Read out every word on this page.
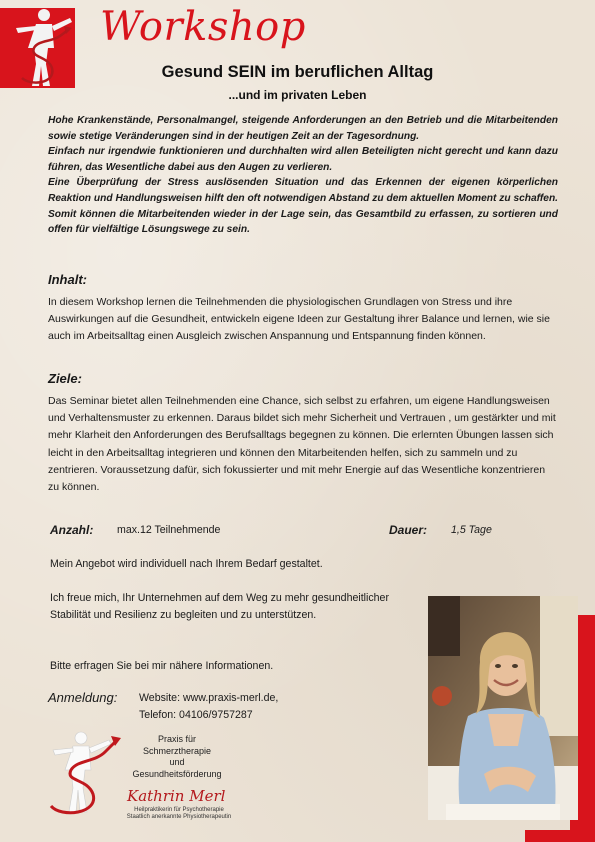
Workshop
Gesund SEIN im beruflichen Alltag
...und im privaten Leben

Hohe Krankenstände, Personalmangel, steigende Anforderungen an den Betrieb und die Mitarbeitenden sowie stetige Veränderungen sind in der heutigen Zeit an der Tagesordnung.

Einfach nur irgendwie funktionieren und durchhalten wird allen Beteiligten nicht gerecht und kann dazu führen, das Wesentliche dabei aus den Augen zu verlieren.

Eine Überprüfung der Stress auslösenden Situation und das Erkennen der eigenen körperlichen Reaktion und Handlungsweisen hilft den oft notwendigen Abstand zu dem aktuellen Moment zu schaffen. Somit können die Mitarbeitenden wieder in der Lage sein, das Gesamtbild zu erfassen, zu sortieren und offen für vielfältige Lösungswege zu sein.

Inhalt:
In diesem Workshop lernen die Teilnehmenden die physiologischen Grundlagen von Stress und ihre Auswirkungen auf die Gesundheit, entwickeln eigene Ideen zur Gestaltung ihrer Balance und lernen, wie sie auch im Arbeitsalltag einen Ausgleich zwischen Anspannung und Entspannung finden können.
Ziele:
Das Seminar bietet allen Teilnehmenden eine Chance, sich selbst zu erfahren, um eigene Handlungsweisen und Verhaltensmuster zu erkennen. Daraus bildet sich mehr Sicherheit und Vertrauen , um gestärkter und mit mehr Klarheit den Anforderungen des Berufsalltags begegnen zu können. Die erlernten Übungen lassen sich leicht in den Arbeitsalltag integrieren und können den Mitarbeitenden helfen, sich zu sammeln und zu zentrieren. Voraussetzung dafür, sich fokussierter und mit mehr Energie auf das Wesentliche konzentrieren zu können.
Anzahl: max.12 Teilnehmende	Dauer: 1,5 Tage
Mein Angebot wird individuell nach Ihrem Bedarf gestaltet.
Ich freue mich, Ihr Unternehmen auf dem Weg zu mehr gesundheitlicher Stabilität und Resilienz zu begleiten und zu unterstützen.
Bitte erfragen Sie bei mir nähere Informationen.
Anmeldung: Website: www.praxis-merl.de,
Telefon: 04106/9757287
Praxis für
Schmerztherapie
und
Gesundheitsförderung
Kathrin Merl
Heilpraktikerin für Psychotherapie
Staatlich anerkannte Physiotherapeutin
